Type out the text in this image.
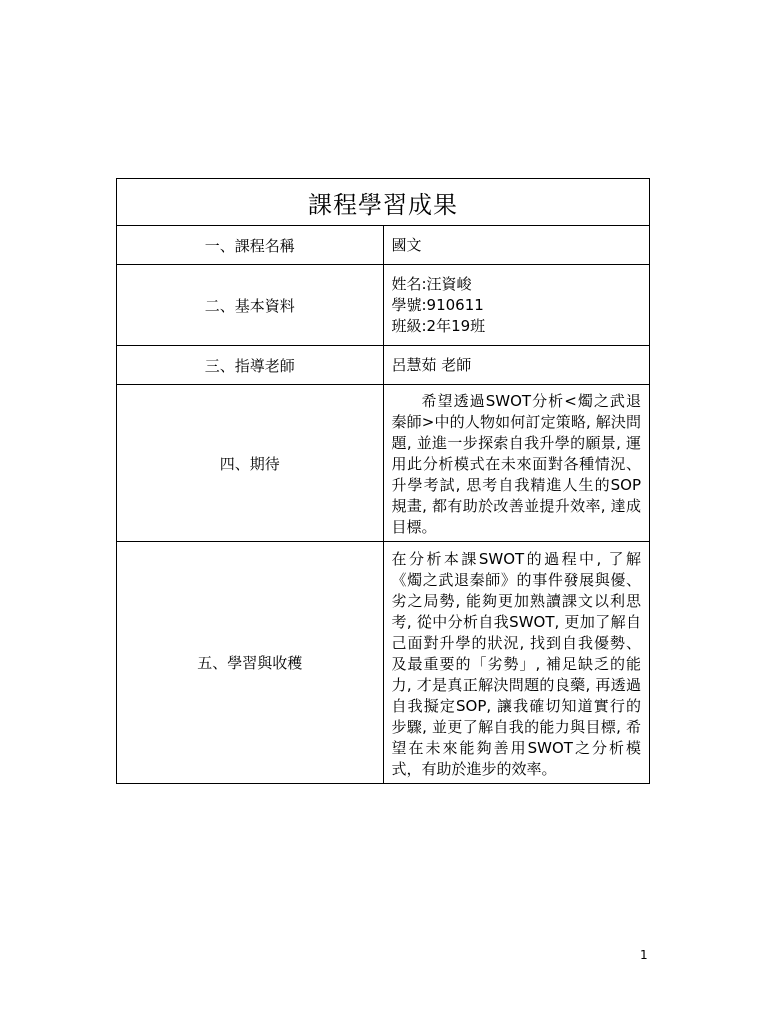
課程學習成果	
一、課程名稱	國文
二、基本資料	姓名:汪資峻
學號:910611
班級:2年19班

三、指導老師	呂慧茹 老師
四、期待	希望透過SWOT分析<燭之武退秦師>中的人物如何訂定策略, 解決問題, 並進一步探索自我升學的願景, 運用此分析模式在未來面對各種情況、升學考試, 思考自我精進人生的SOP規畫, 都有助於改善並提升效率, 達成目標。

五、學習與收穫	在分析本課SWOT的過程中, 了解《燭之武退秦師》的事件發展與優、劣之局勢, 能夠更加熟讀課文以利思考, 從中分析自我SWOT, 更加了解自己面對升學的狀況, 找到自我優勢、及最重要的「劣勢」, 補足缺乏的能力, 才是真正解決問題的良藥, 再透過自我擬定SOP, 讓我確切知道實行的步驟, 並更了解自我的能力與目標, 希望在未來能夠善用SWOT之分析模式，有助於進步的效率。

1
